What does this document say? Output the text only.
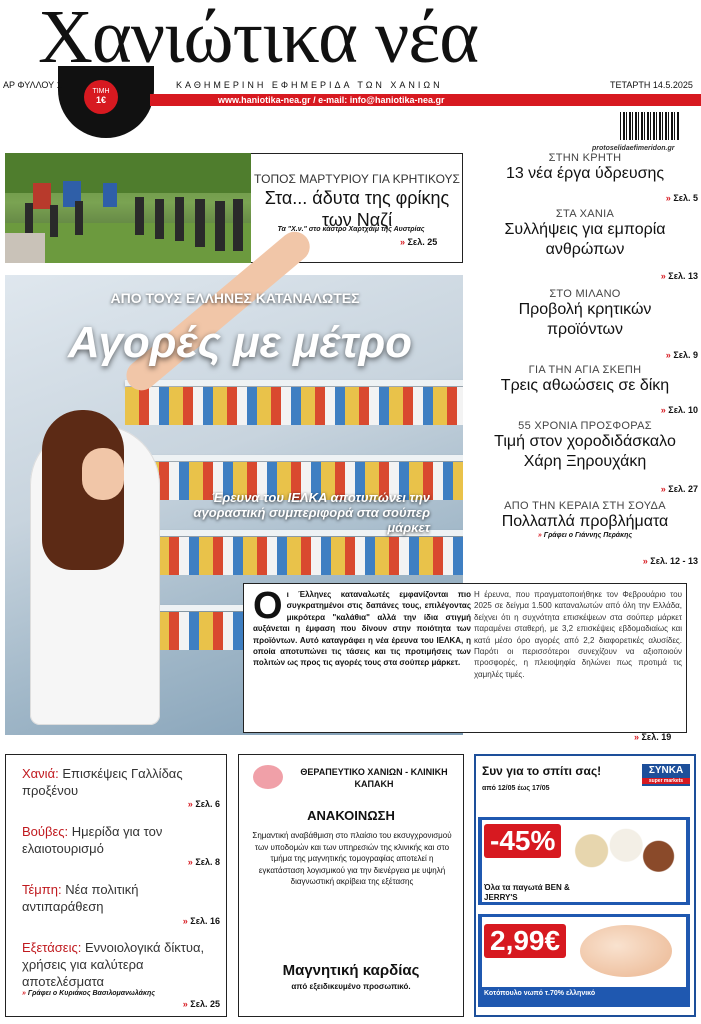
Χανιώτικα νέα
ΤΙΜΗ
1€
ΑΡ ΦΥΛΛΟΥ 1	ΚΑΘΗΜΕΡΙΝΗ ΕΦΗΜΕΡΙΔΑ ΤΩΝ ΧΑΝΙΩΝ	ΤΕΤΑΡΤΗ 14.5.2025
www.haniotika-nea.gr / e-mail: info@haniotika-nea.gr
protoselidaefimeridon.gr
ΤΟΠΟΣ ΜΑΡΤΥΡΙΟΥ ΓΙΑ ΚΡΗΤΙΚΟΥΣ
Στα... άδυτα της φρίκης των Ναζί
Τα "Χ.ν." στο κάστρο Χαρτχάιμ της Αυστρίας
» Σελ. 25
ΑΠΟ ΤΟΥΣ ΕΛΛΗΝΕΣ ΚΑΤΑΝΑΛΩΤΕΣ
Αγορές με μέτρο
Έρευνα του ΙΕΛΚΑ αποτυπώνει την αγοραστική συμπεριφορά στα σούπερ μάρκετ
Οι Έλληνες καταναλωτές εμφανίζονται πιο συγκρατημένοι στις δαπάνες τους, επιλέγοντας μικρότερα "καλάθια" αλλά την ίδια στιγμή αυξάνεται η έμφαση που δίνουν στην ποιότητα των προϊόντων. Αυτό καταγράφει η νέα έρευνα του ΙΕΛΚΑ, η οποία αποτυπώνει τις τάσεις και τις προτιμήσεις των πολιτών ως προς τις αγορές τους στα σούπερ μάρκετ.
Η έρευνα, που πραγματοποιήθηκε τον Φεβρουάριο του 2025 σε δείγμα 1.500 καταναλωτών από όλη την Ελλάδα, δείχνει ότι η συχνότητα επισκέψεων στα σούπερ μάρκετ παραμένει σταθερή, με 3,2 επισκέψεις εβδομαδιαίως και κατά μέσο όρο αγορές από 2,2 διαφορετικές αλυσίδες. Παρότι οι περισσότεροι συνεχίζουν να αξιοποιούν προσφορές, η πλειοψηφία δηλώνει πως προτιμά τις χαμηλές τιμές.
» Σελ. 19
ΣΤΗΝ ΚΡΗΤΗ
13 νέα έργα ύδρευσης
» Σελ. 5
ΣΤΑ ΧΑΝΙΑ
Συλλήψεις για εμπορία ανθρώπων
» Σελ. 13
ΣΤΟ ΜΙΛΑΝΟ
Προβολή κρητικών προϊόντων
» Σελ. 9
ΓΙΑ ΤΗΝ ΑΓΙΑ ΣΚΕΠΗ
Τρεις αθωώσεις σε δίκη
» Σελ. 10
55 ΧΡΟΝΙΑ ΠΡΟΣΦΟΡΑΣ
Τιμή στον χοροδιδάσκαλο Χάρη Ξηρουχάκη
» Σελ. 27
ΑΠΟ ΤΗΝ ΚΕΡΑΙΑ ΣΤΗ ΣΟΥΔΑ
Πολλαπλά προβλήματα
» Γράφει ο Γιάννης Περάκης
» Σελ. 12 - 13
Χανιά: Επισκέψεις Γαλλίδας προξένου
» Σελ. 6
Βούβες: Ημερίδα για τον ελαιοτουρισμό
» Σελ. 8
Τέμπη: Νέα πολιτική αντιπαράθεση
» Σελ. 16
Εξετάσεις: Εννοιολογικά δίκτυα, χρήσεις για καλύτερα αποτελέσματα
» Γράφει ο Κυριάκος Βασιλομανωλάκης
» Σελ. 25
ΘΕΡΑΠΕΥΤΙΚΟ ΧΑΝΙΩΝ - ΚΛΙΝΙΚΗ ΚΑΠΑΚΗ
ΑΝΑΚΟΙΝΩΣΗ
Σημαντική αναβάθμιση στο πλαίσιο του εκσυγχρονισμού των υποδομών και των υπηρεσιών της κλινικής και στο τμήμα της μαγνητικής τομογραφίας αποτελεί η εγκατάσταση λογισμικού για την διενέργεια με υψηλή διαγνωστική ακρίβεια της εξέτασης
Μαγνητική καρδίας
από εξειδικευμένο προσωπικό.
Συν για το σπίτι σας!
από 12/05 έως 17/05
ΣΥΝΚΑ
super markets
-45%
Όλα τα παγωτά BEN & JERRY'S
2,99€
Κοτόπουλο νωπό τ.70% ελληνικό
